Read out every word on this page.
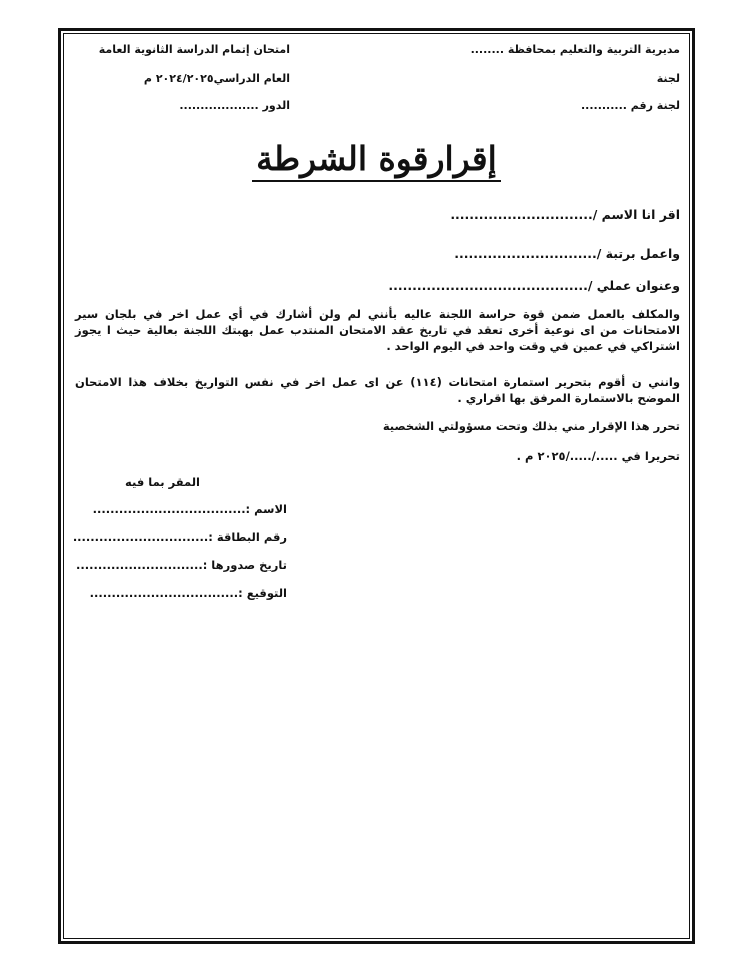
مديرية التربية والتعليم بمحافظة ........
امتحان إتمام الدراسة الثانوية العامة
لجنة
العام الدراسي٢٠٢٤/٢٠٢٥ م
لجنة رقم ...........
الدور ...................
إقرارقوة الشرطة
اقر انا الاسم /..............................
واعمل برتبة /..............................
وعنوان عملي /..........................................
والمكلف بالعمل ضمن قوة حراسة اللجنة عاليه بأنني لم ولن أشارك في أي عمل اخر في بلجان سير الامتحانات من اى نوعية أخرى تعقد في تاريخ عقد الامتحان المنتدب عمل بهبتك اللجنة بعالية حيث ا يجوز اشتراكي في عمين في وقت واحد في اليوم الواحد .
وانني ن أقوم بتحرير استمارة امتحانات (١١٤) عن اى عمل اخر في نفس التواريخ بخلاف هذا الامتحان الموضح بالاستمارة المرفق بها اقراري .
تحرر هذا الإقرار مني بذلك وتحت مسؤولتي الشخصية
تحريرا في ...../...../٢٠٢٥ م .
المقر بما فيه
الاسم :...................................
رقم البطاقة :...............................
تاريخ صدورها :.............................
التوقيع :..................................
